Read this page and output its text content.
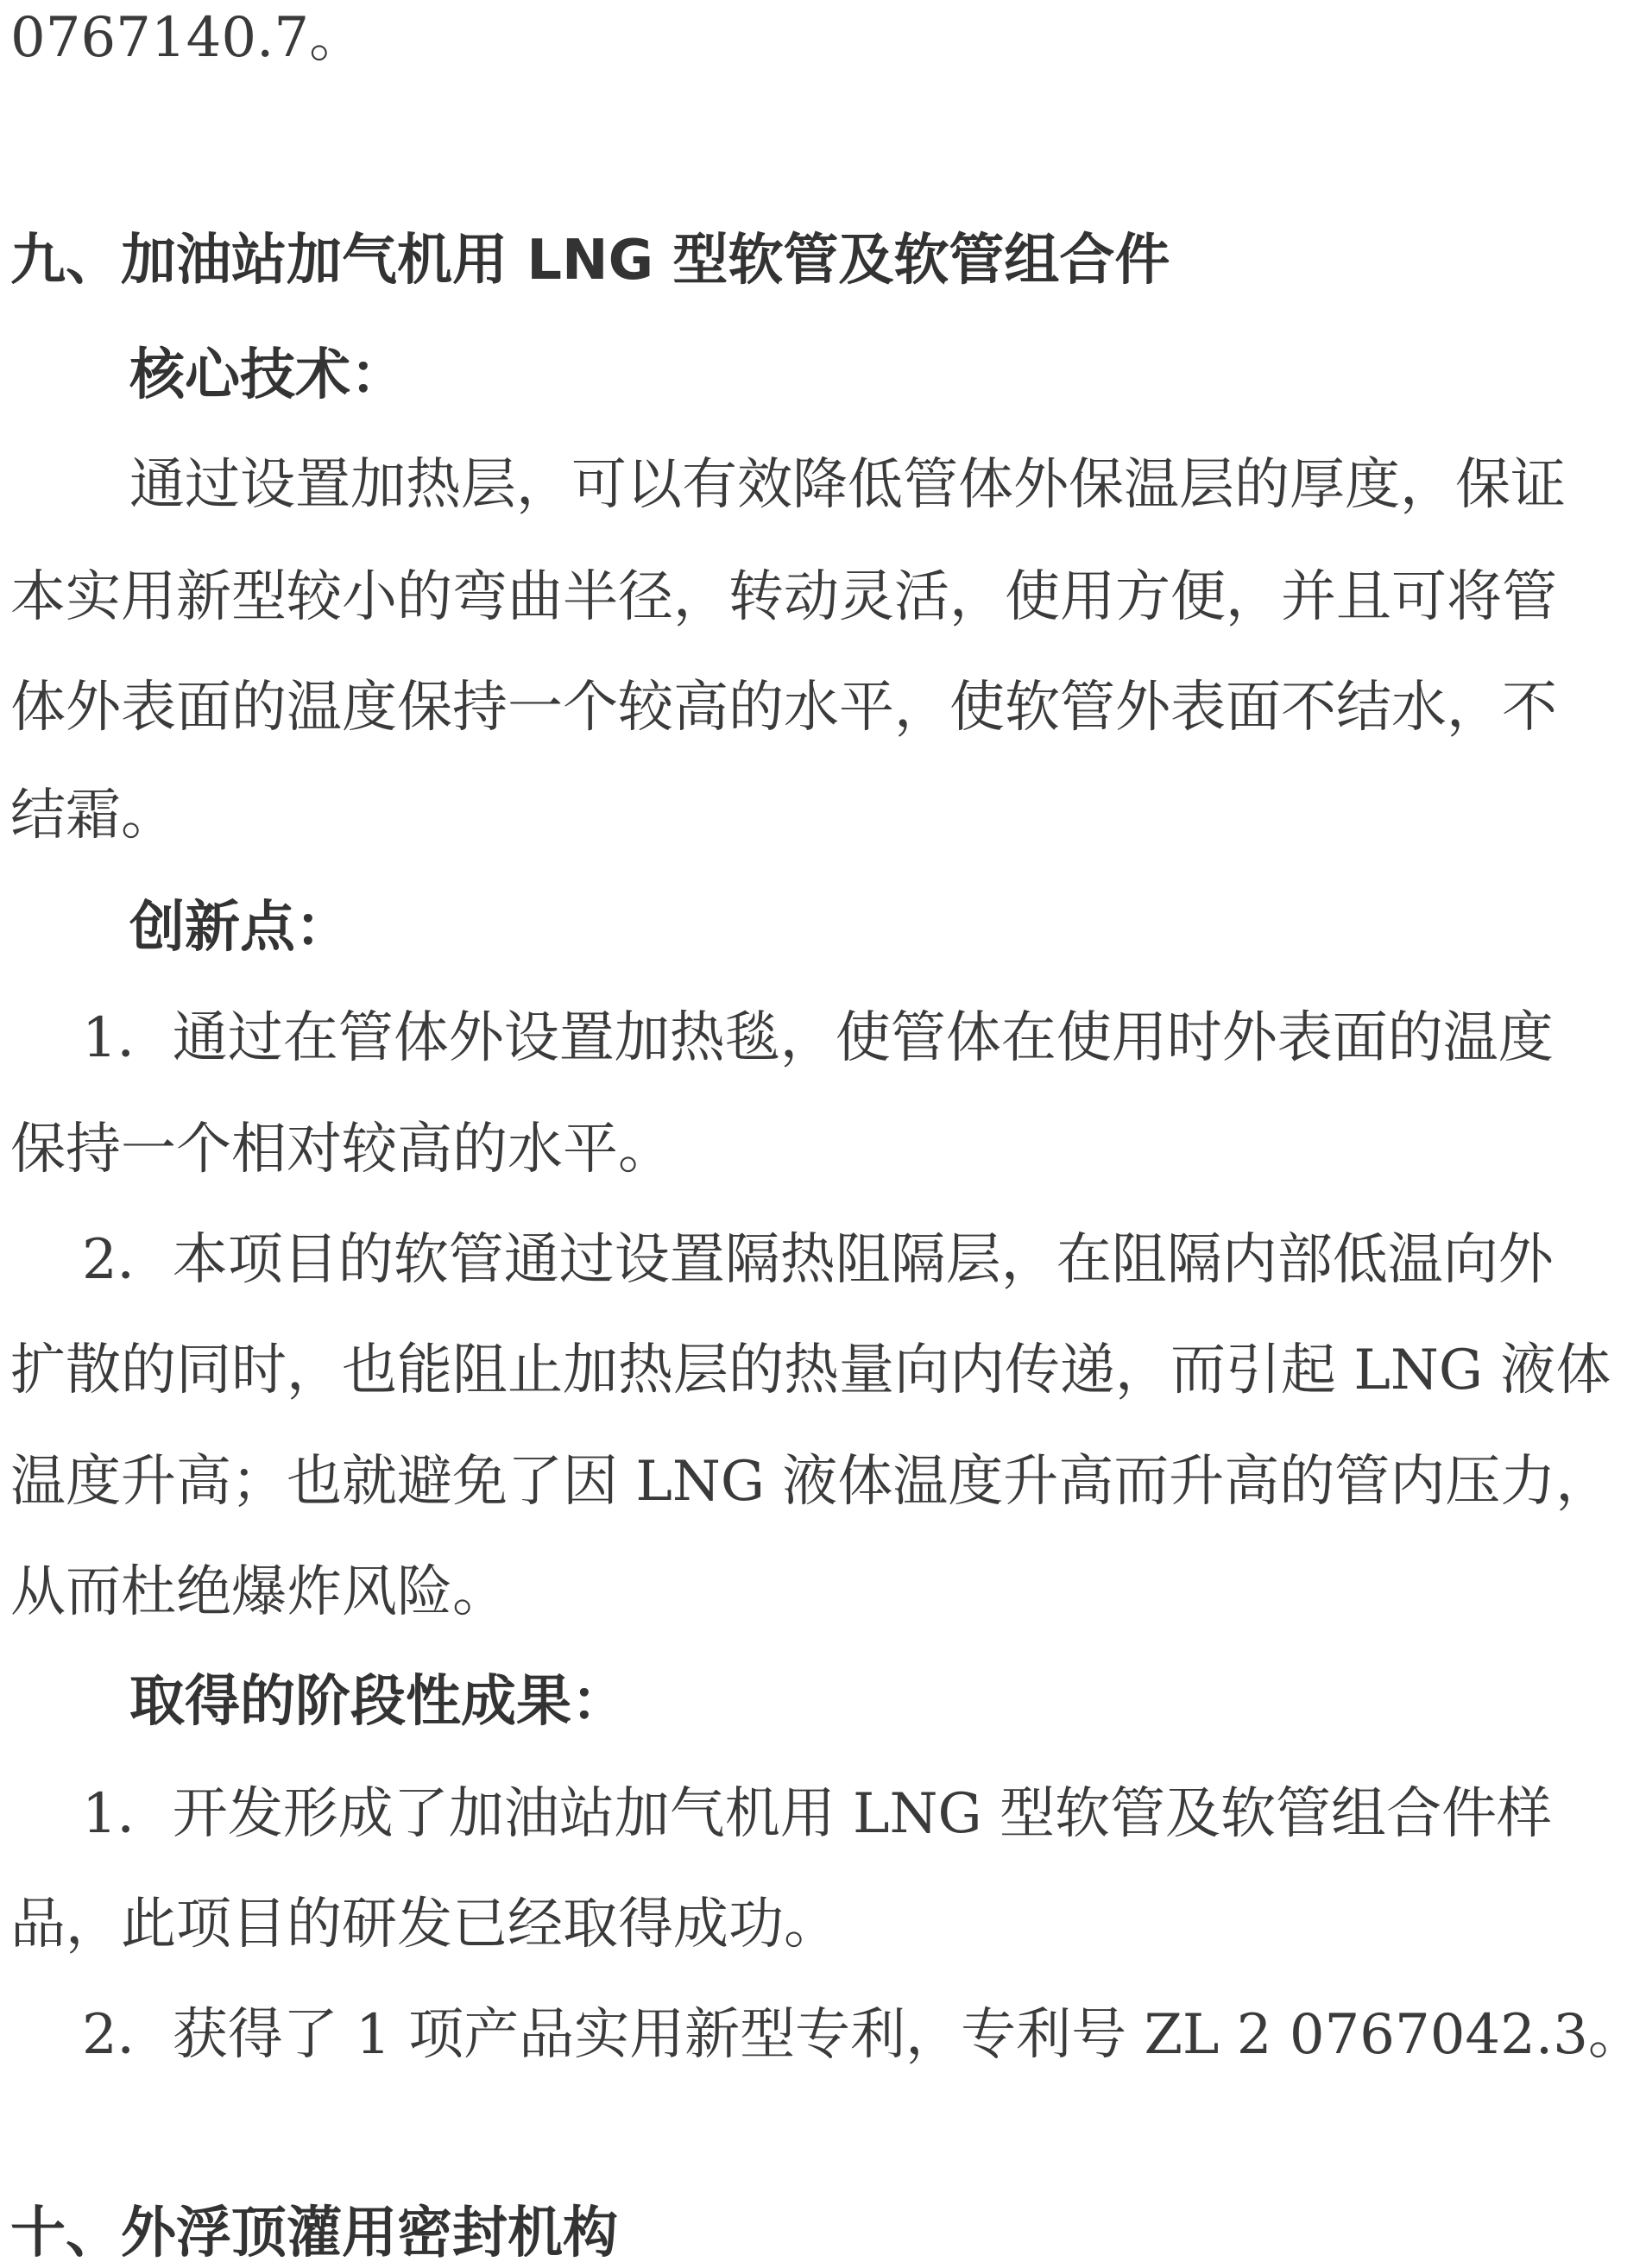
0767140.7。
九、加油站加气机用 LNG 型软管及软管组合件
核心技术：
通过设置加热层，可以有效降低管体外保温层的厚度，保证
本实用新型较小的弯曲半径，转动灵活，使用方便，并且可将管
体外表面的温度保持一个较高的水平，使软管外表面不结水，不
结霜。
创新点：
1．通过在管体外设置加热毯，使管体在使用时外表面的温度
保持一个相对较高的水平。
2．本项目的软管通过设置隔热阻隔层，在阻隔内部低温向外
扩散的同时，也能阻止加热层的热量向内传递，而引起 LNG 液体
温度升高；也就避免了因 LNG 液体温度升高而升高的管内压力，
从而杜绝爆炸风险。
取得的阶段性成果：
1．开发形成了加油站加气机用 LNG 型软管及软管组合件样
品，此项目的研发已经取得成功。
2．获得了 1 项产品实用新型专利，专利号 ZL 2 0767042.3。
十、外浮顶灌用密封机构
